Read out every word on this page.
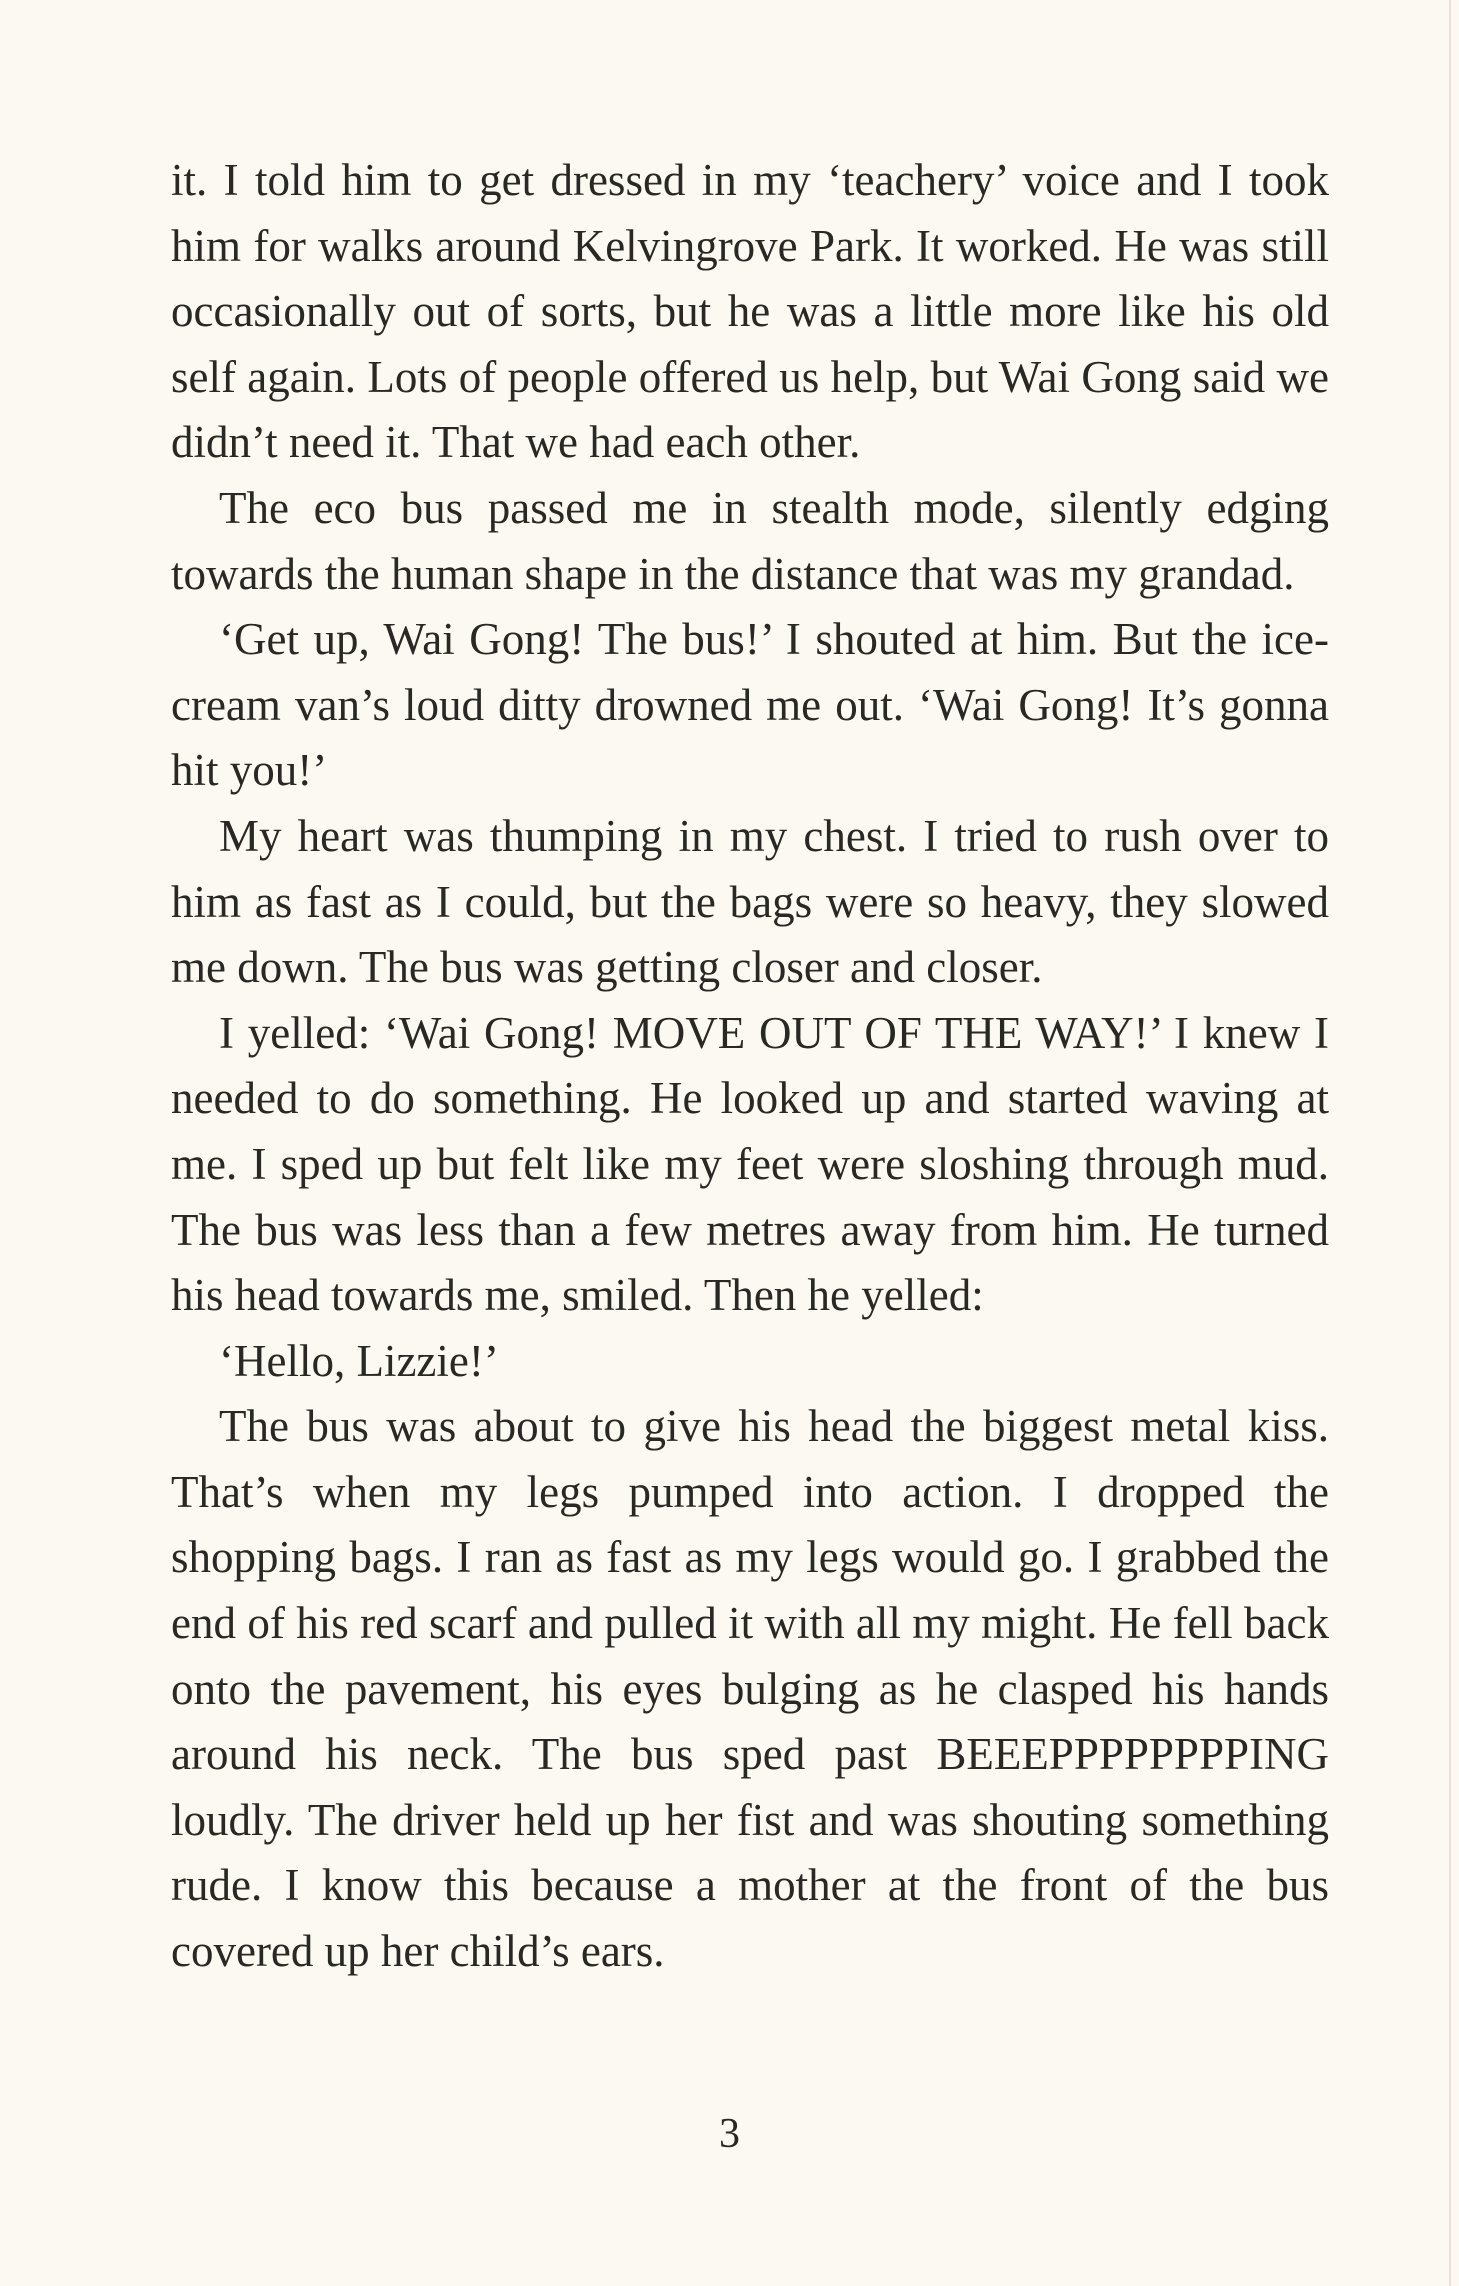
it. I told him to get dressed in my ‘teachery’ voice and I took him for walks around Kelvingrove Park. It worked. He was still occasionally out of sorts, but he was a little more like his old self again. Lots of people offered us help, but Wai Gong said we didn’t need it. That we had each other.

The eco bus passed me in stealth mode, silently edging towards the human shape in the distance that was my grandad.

‘Get up, Wai Gong! The bus!’ I shouted at him. But the ice-cream van’s loud ditty drowned me out. ‘Wai Gong! It’s gonna hit you!’

My heart was thumping in my chest. I tried to rush over to him as fast as I could, but the bags were so heavy, they slowed me down. The bus was getting closer and closer.

I yelled: ‘Wai Gong! MOVE OUT OF THE WAY!’ I knew I needed to do something. He looked up and started waving at me. I sped up but felt like my feet were sloshing through mud. The bus was less than a few metres away from him. He turned his head towards me, smiled. Then he yelled:

‘Hello, Lizzie!’

The bus was about to give his head the biggest metal kiss. That’s when my legs pumped into action. I dropped the shopping bags. I ran as fast as my legs would go. I grabbed the end of his red scarf and pulled it with all my might. He fell back onto the pavement, his eyes bulging as he clasped his hands around his neck. The bus sped past BEEEPPPPPPPPING loudly. The driver held up her fist and was shouting something rude. I know this because a mother at the front of the bus covered up her child’s ears.

3
